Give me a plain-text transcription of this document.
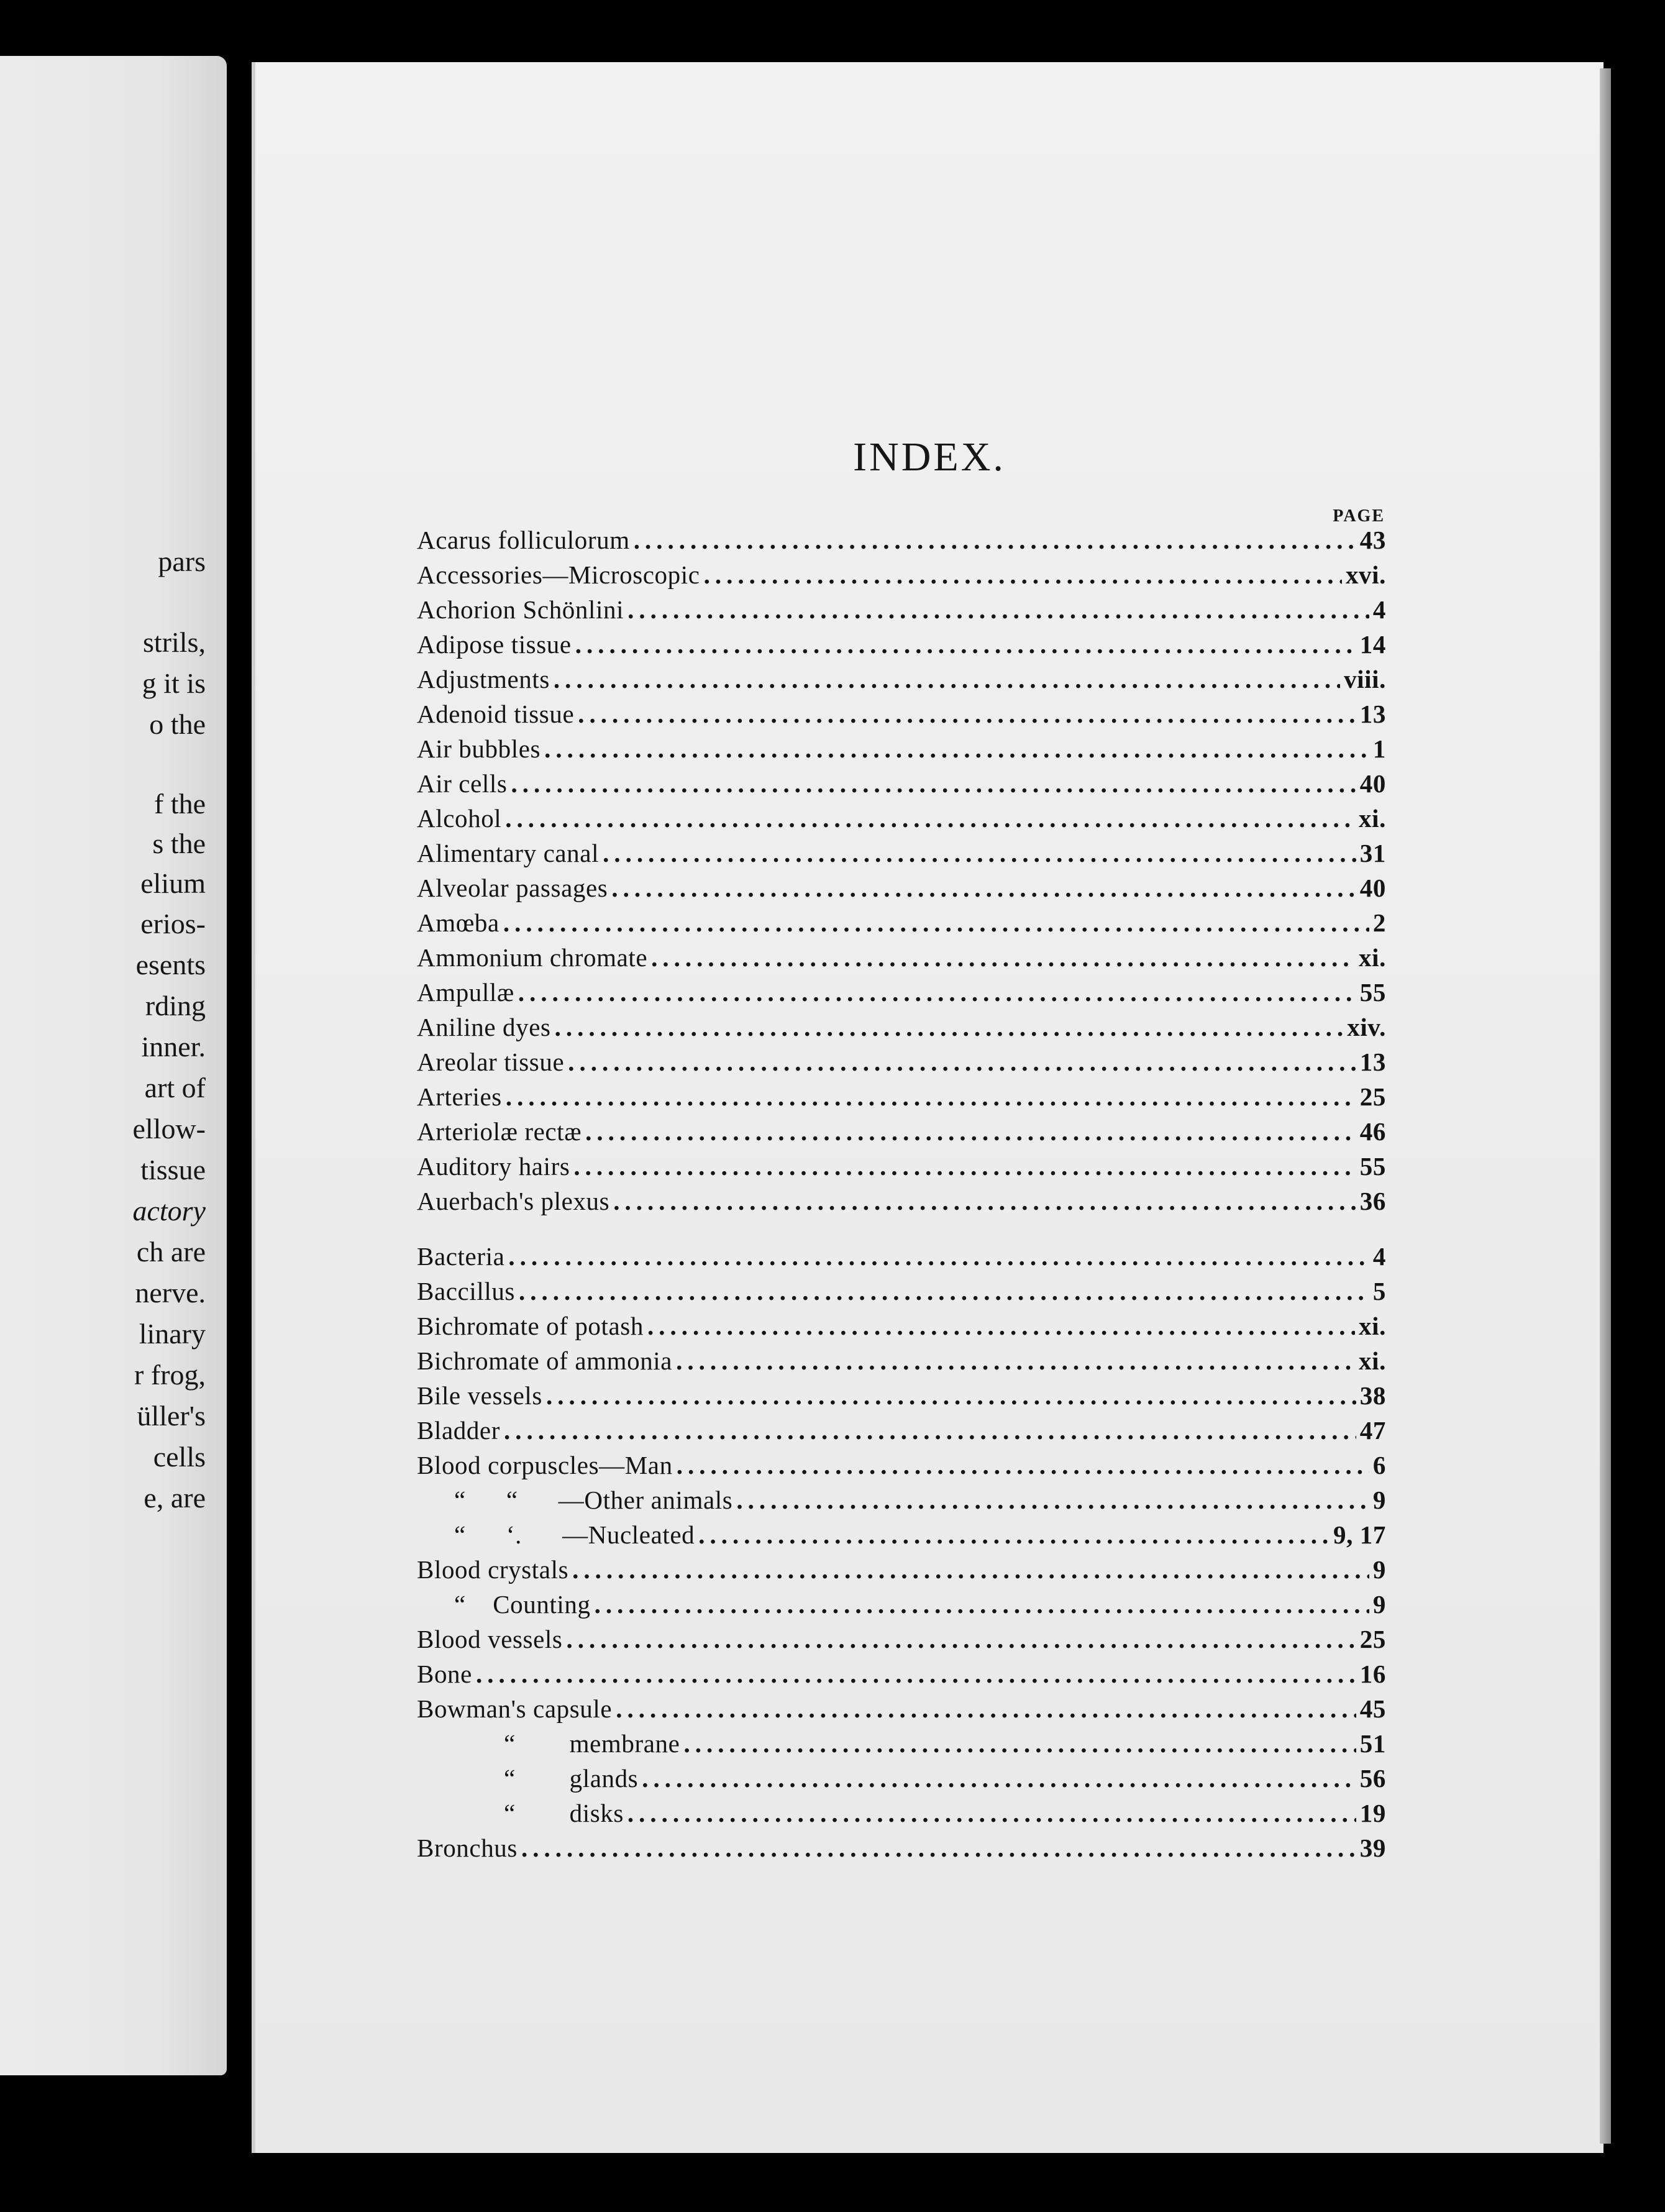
pars
strils,
g it is
o the
f the
s the
elium
erios-
esents
rding
inner.
art of
ellow-
tissue
actory
ch are
nerve.
linary
r frog,
üller's
cells
e, are
INDEX.
PAGE
Acarus folliculorum .....	43
Accessories—Microscopic .....	xvi.
Achorion Schönlini .....	4
Adipose tissue .....	14
Adjustments .....	viii.
Adenoid tissue .....	13
Air bubbles .....	1
Air cells .....	40
Alcohol .....	xi.
Alimentary canal .....	31
Alveolar passages .....	40
Amœba .....	2
Ammonium chromate .....	xi.
Ampullæ .....	55
Aniline dyes .....	xiv.
Areolar tissue .....	13
Arteries .....	25
Arteriolæ rectæ .....	46
Auditory hairs .....	55
Auerbach's plexus .....	36
Bacteria .....	4
Baccillus .....	5
Bichromate of potash .....	xi.
Bichromate of ammonia .....	xi.
Bile vessels .....	38
Bladder .....	47
Blood corpuscles—Man .....	6
“      “      —Other animals .....	9
“      ‘.      —Nucleated .....	9, 17
Blood crystals .....	9
“    Counting .....	9
Blood vessels .....	25
Bone .....	16
Bowman's capsule .....	45
“        membrane .....	51
“        glands .....	56
“        disks .....	19
Bronchus .....	39
